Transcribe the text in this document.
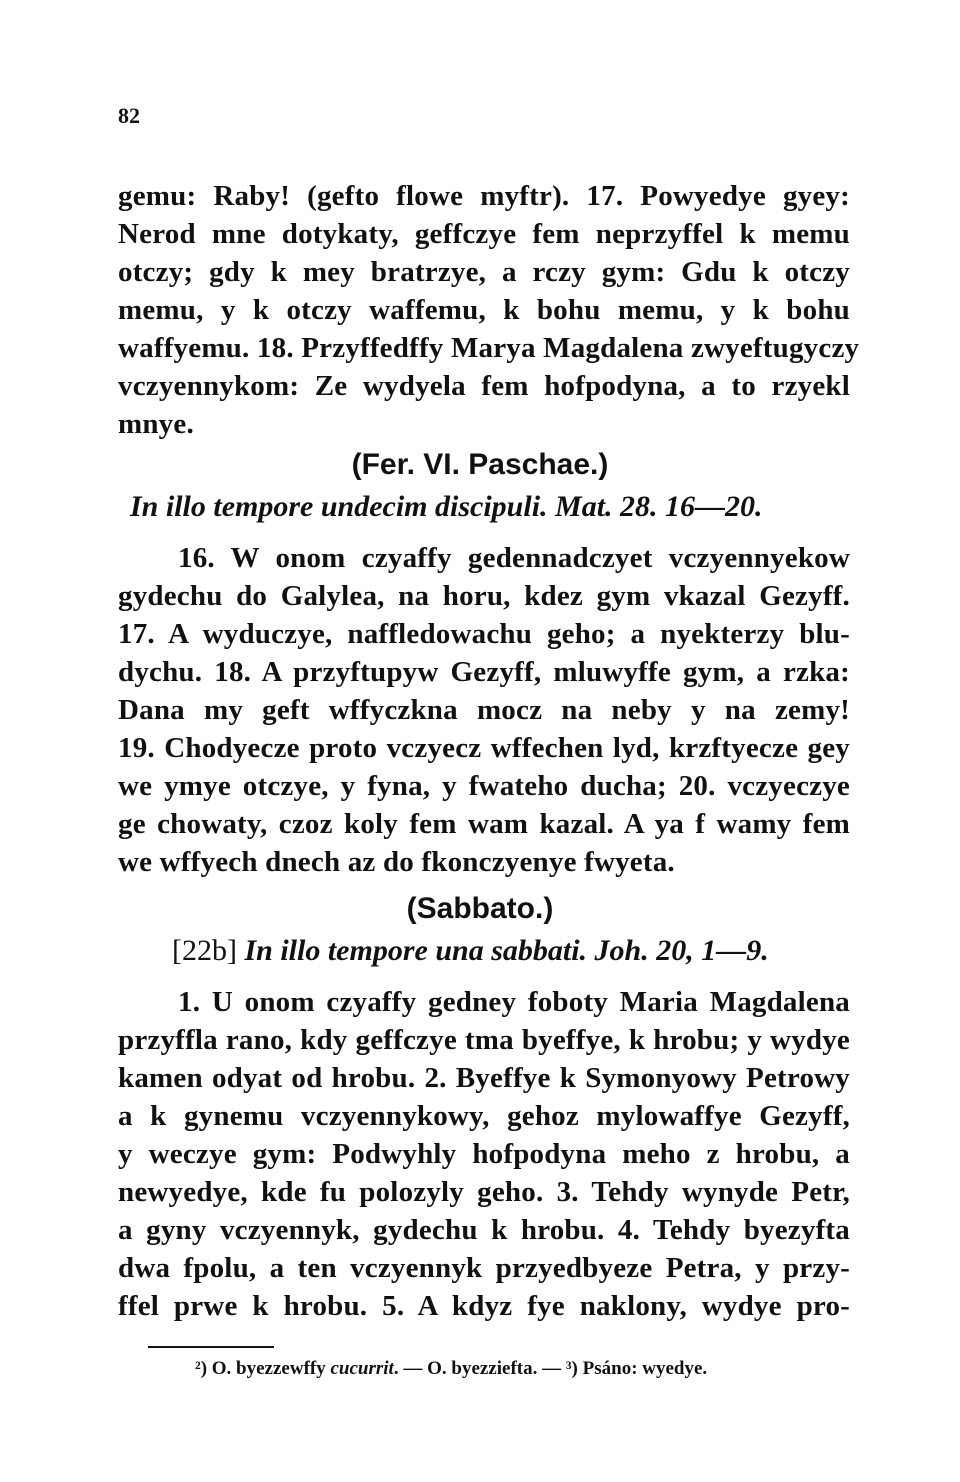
82
gemu: Raby! (gefto flowe myftr). 17. Powyedye gyey:
Nerod mne dotykaty, geffczye fem neprzyffel k memu
otczy; gdy k mey bratrzye, a rczy gym: Gdu k otczy
memu, y k otczy waffemu, k bohu memu, y k bohu
waffyemu. 18. Przyffedffy Marya Magdalena zwyeftugyczy
vczyennykom: Ze wydyela fem hofpodyna, a to rzyekl
mnye.
(Fer. VI. Paschae.)
In illo tempore undecim discipuli. Mat. 28. 16—20.
16. W onom czyaffy gedennadczyet vczyennyekow
gydechu do Galylea, na horu, kdez gym vkazal Gezyff.
17. A wyduczye, naffledowachu geho; a nyekterzy blu-
dychu. 18. A przyftupyw Gezyff, mluwyffe gym, a rzka:
Dana my geft wffyczkna mocz na neby y na zemy!
19. Chodyecze proto vczyecz wffechen lyd, krzftyecze gey
we ymye otczye, y fyna, y fwateho ducha; 20. vczyeczye
ge chowaty, czoz koly fem wam kazal. A ya f wamy fem
we wffyech dnech az do fkonczyenye fwyeta.
(Sabbato.)
[22b] In illo tempore una sabbati. Joh. 20, 1—9.
1. U onom czyaffy gedney foboty Maria Magdalena
przyffla rano, kdy geffczye tma byeffye, k hrobu; y wydye
kamen odyat od hrobu. 2. Byeffye k Symonyowy Petrowy
a k gynemu vczyennykowy, gehoz mylowaffye Gezyff,
y weczye gym: Podwyhly hofpodyna meho z hrobu, a
newyedye, kde fu polozyly geho. 3. Tehdy wynyde Petr,
a gyny vczyennyk, gydechu k hrobu. 4. Tehdy byezyfta
dwa fpolu, a ten vczyennyk przyedbyeze Petra, y przy-
ffel prwe k hrobu. 5. A kdyz fye naklony, wydye pro-
²) O. byezzewffy cucurrit. — O. byezziefta. — ³) Psáno: wyedye.
